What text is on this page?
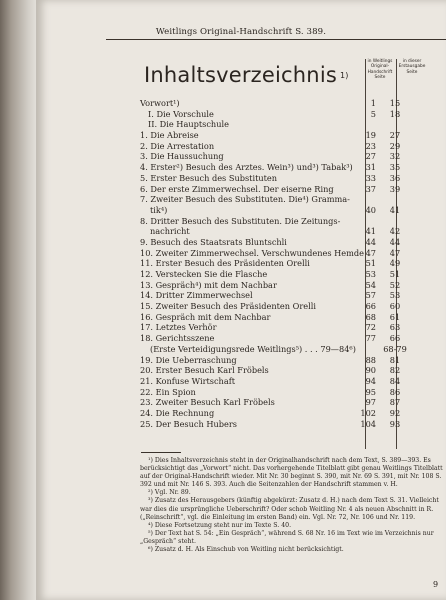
Weitlings Original-Handschrift S. 389.
Inhaltsverzeichnis $^{1)}$
in Weitlings Original-Handschrift Seite
in dieser Erstausgabe Seite
Vorwort¹)	1	15
I. Die Vorschule	5	18
II. Die Hauptschule
1. Die Abreise	19	27
2. Die Arrestation	23	29
3. Die Haussuchung	27	32
4. Erster²) Besuch des Arztes. Wein³) und³) Tabak³)	31	35
5. Erster Besuch des Substituten	33	36
6. Der erste Zimmerwechsel. Der eiserne Ring	37	39
7. Zweiter Besuch des Substituten. Die⁴) Gramma-
tik⁴)	40	41
8. Dritter Besuch des Substituten. Die Zeitungs-
nachricht	41	42
9. Besuch des Staatsrats Bluntschli	44	44
10. Zweiter Zimmerwechsel. Verschwundenes Hemde 47	47
11. Erster Besuch des Präsidenten Orelli	51	49
12. Verstecken Sie die Flasche	53	51
13. Gespräch⁴) mit dem Nachbar	54	52
14. Dritter Zimmerwechsel	57	53
15. Zweiter Besuch des Präsidenten Orelli	66	60
16. Gespräch mit dem Nachbar	68	61
17. Letztes Verhör	72	63
18. Gerichtsszene	77	66
(Erste Verteidigungsrede Weitlings⁵) . . . 79—84⁶)	68-79
19. Die Ueberraschung	88	81
20. Erster Besuch Karl Fröbels	90	82
21. Konfuse Wirtschaft	94	84
22. Ein Spion	95	86
23. Zweiter Besuch Karl Fröbels	97	87
24. Die Rechnung	102	92
25. Der Besuch Hubers	104	93

¹) Dies Inhaltsverzeichnis steht in der Originalhandschrift nach dem Text, S. 389—393. Es berücksichtigt das „Vorwort“ nicht. Das vorhergehende Titelblatt gibt genau Weitlings Titelblatt auf der Original-Handschrift wieder. Mit Nr. 30 beginnt S. 390, mit Nr. 69 S. 391, mit Nr. 108 S. 392 und mit Nr. 146 S. 393. Auch die Seitenzahlen der Handschrift stammen v. H.

²) Vgl. Nr. 89.

³) Zusatz des Herausgebers (künftig abgekürzt: Zusatz d. H.) nach dem Text S. 31. Vielleicht war dies die ursprüngliche Ueberschrift? Oder schob Weitling Nr. 4 als neuen Abschnitt in R. („Reinschrift“, vgl. die Einleitung im ersten Band) ein. Vgl. Nr. 72, Nr. 106 und Nr. 119.

⁴) Diese Fortsetzung steht nur im Texte S. 40.

⁵) Der Text hat S. 54: „Ein Gespräch“, während S. 68 Nr. 16 im Text wie im Verzeichnis nur „Gespräch“ steht.

⁶) Zusatz d. H. Als Einschub von Weitling nicht berücksichtigt.

9
